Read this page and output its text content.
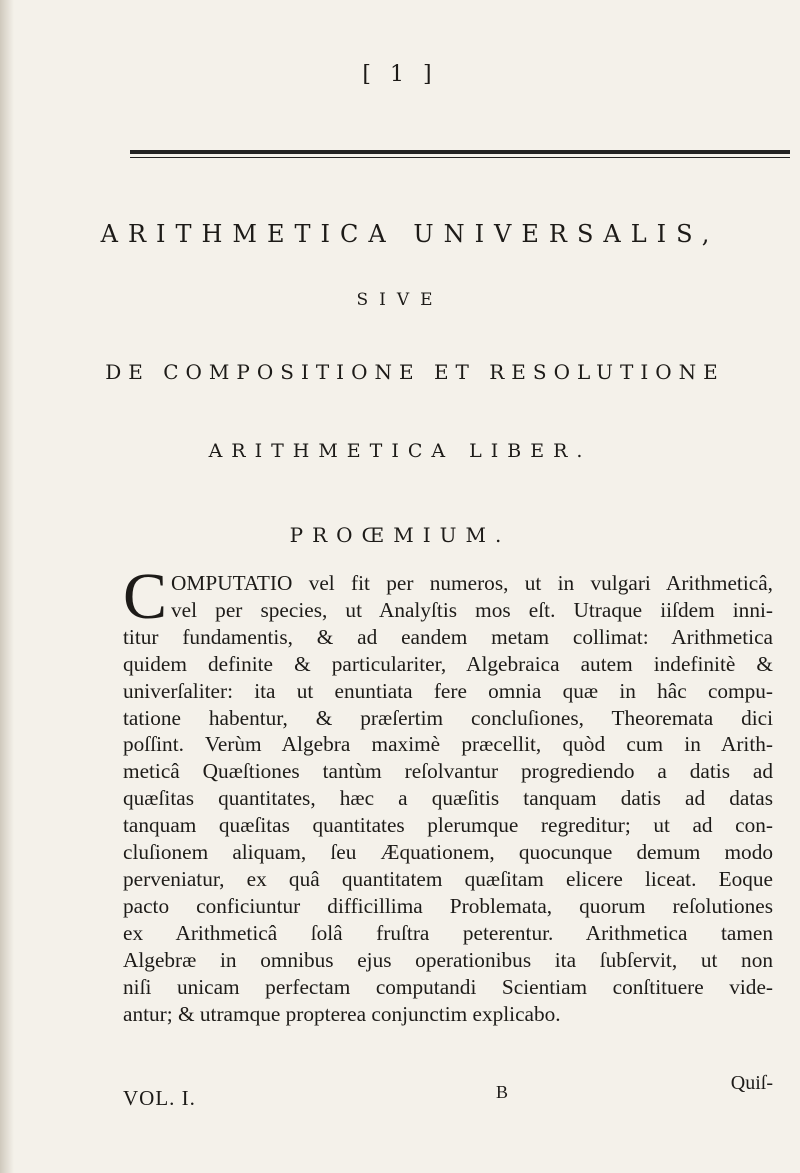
[ 1 ]
ARITHMETICA UNIVERSALIS,
SIVE
DE COMPOSITIONE ET RESOLUTIONE
ARITHMETICA LIBER.
PROŒMIUM.
C OMPUTATIO vel fit per numeros, ut in vulgari Arithmeticâ,
vel per species, ut Analyſtis mos eſt. Utraque iiſdem inni-
titur fundamentis, & ad eandem metam collimat: Arithmetica
quidem definite & particulariter, Algebraica autem indefinitè &
univerſaliter: ita ut enuntiata fere omnia quæ in hâc compu-
tatione habentur, & præſertim concluſiones, Theoremata dici
poſſint. Verùm Algebra maximè præcellit, quòd cum in Arith-
meticâ Quæſtiones tantùm reſolvantur progrediendo a datis ad
quæſitas quantitates, hæc a quæſitis tanquam datis ad datas
tanquam quæſitas quantitates plerumque regreditur; ut ad con-
cluſionem aliquam, ſeu Æquationem, quocunque demum modo
perveniatur, ex quâ quantitatem quæſitam elicere liceat. Eoque
pacto conficiuntur difficillima Problemata, quorum reſolutiones
ex Arithmeticâ ſolâ fruſtra peterentur. Arithmetica tamen
Algebræ in omnibus ejus operationibus ita ſubſervit, ut non
niſi unicam perfectam computandi Scientiam conſtituere vide-
antur; & utramque propterea conjunctim explicabo.
VOL. I.	B	Quiſ-
